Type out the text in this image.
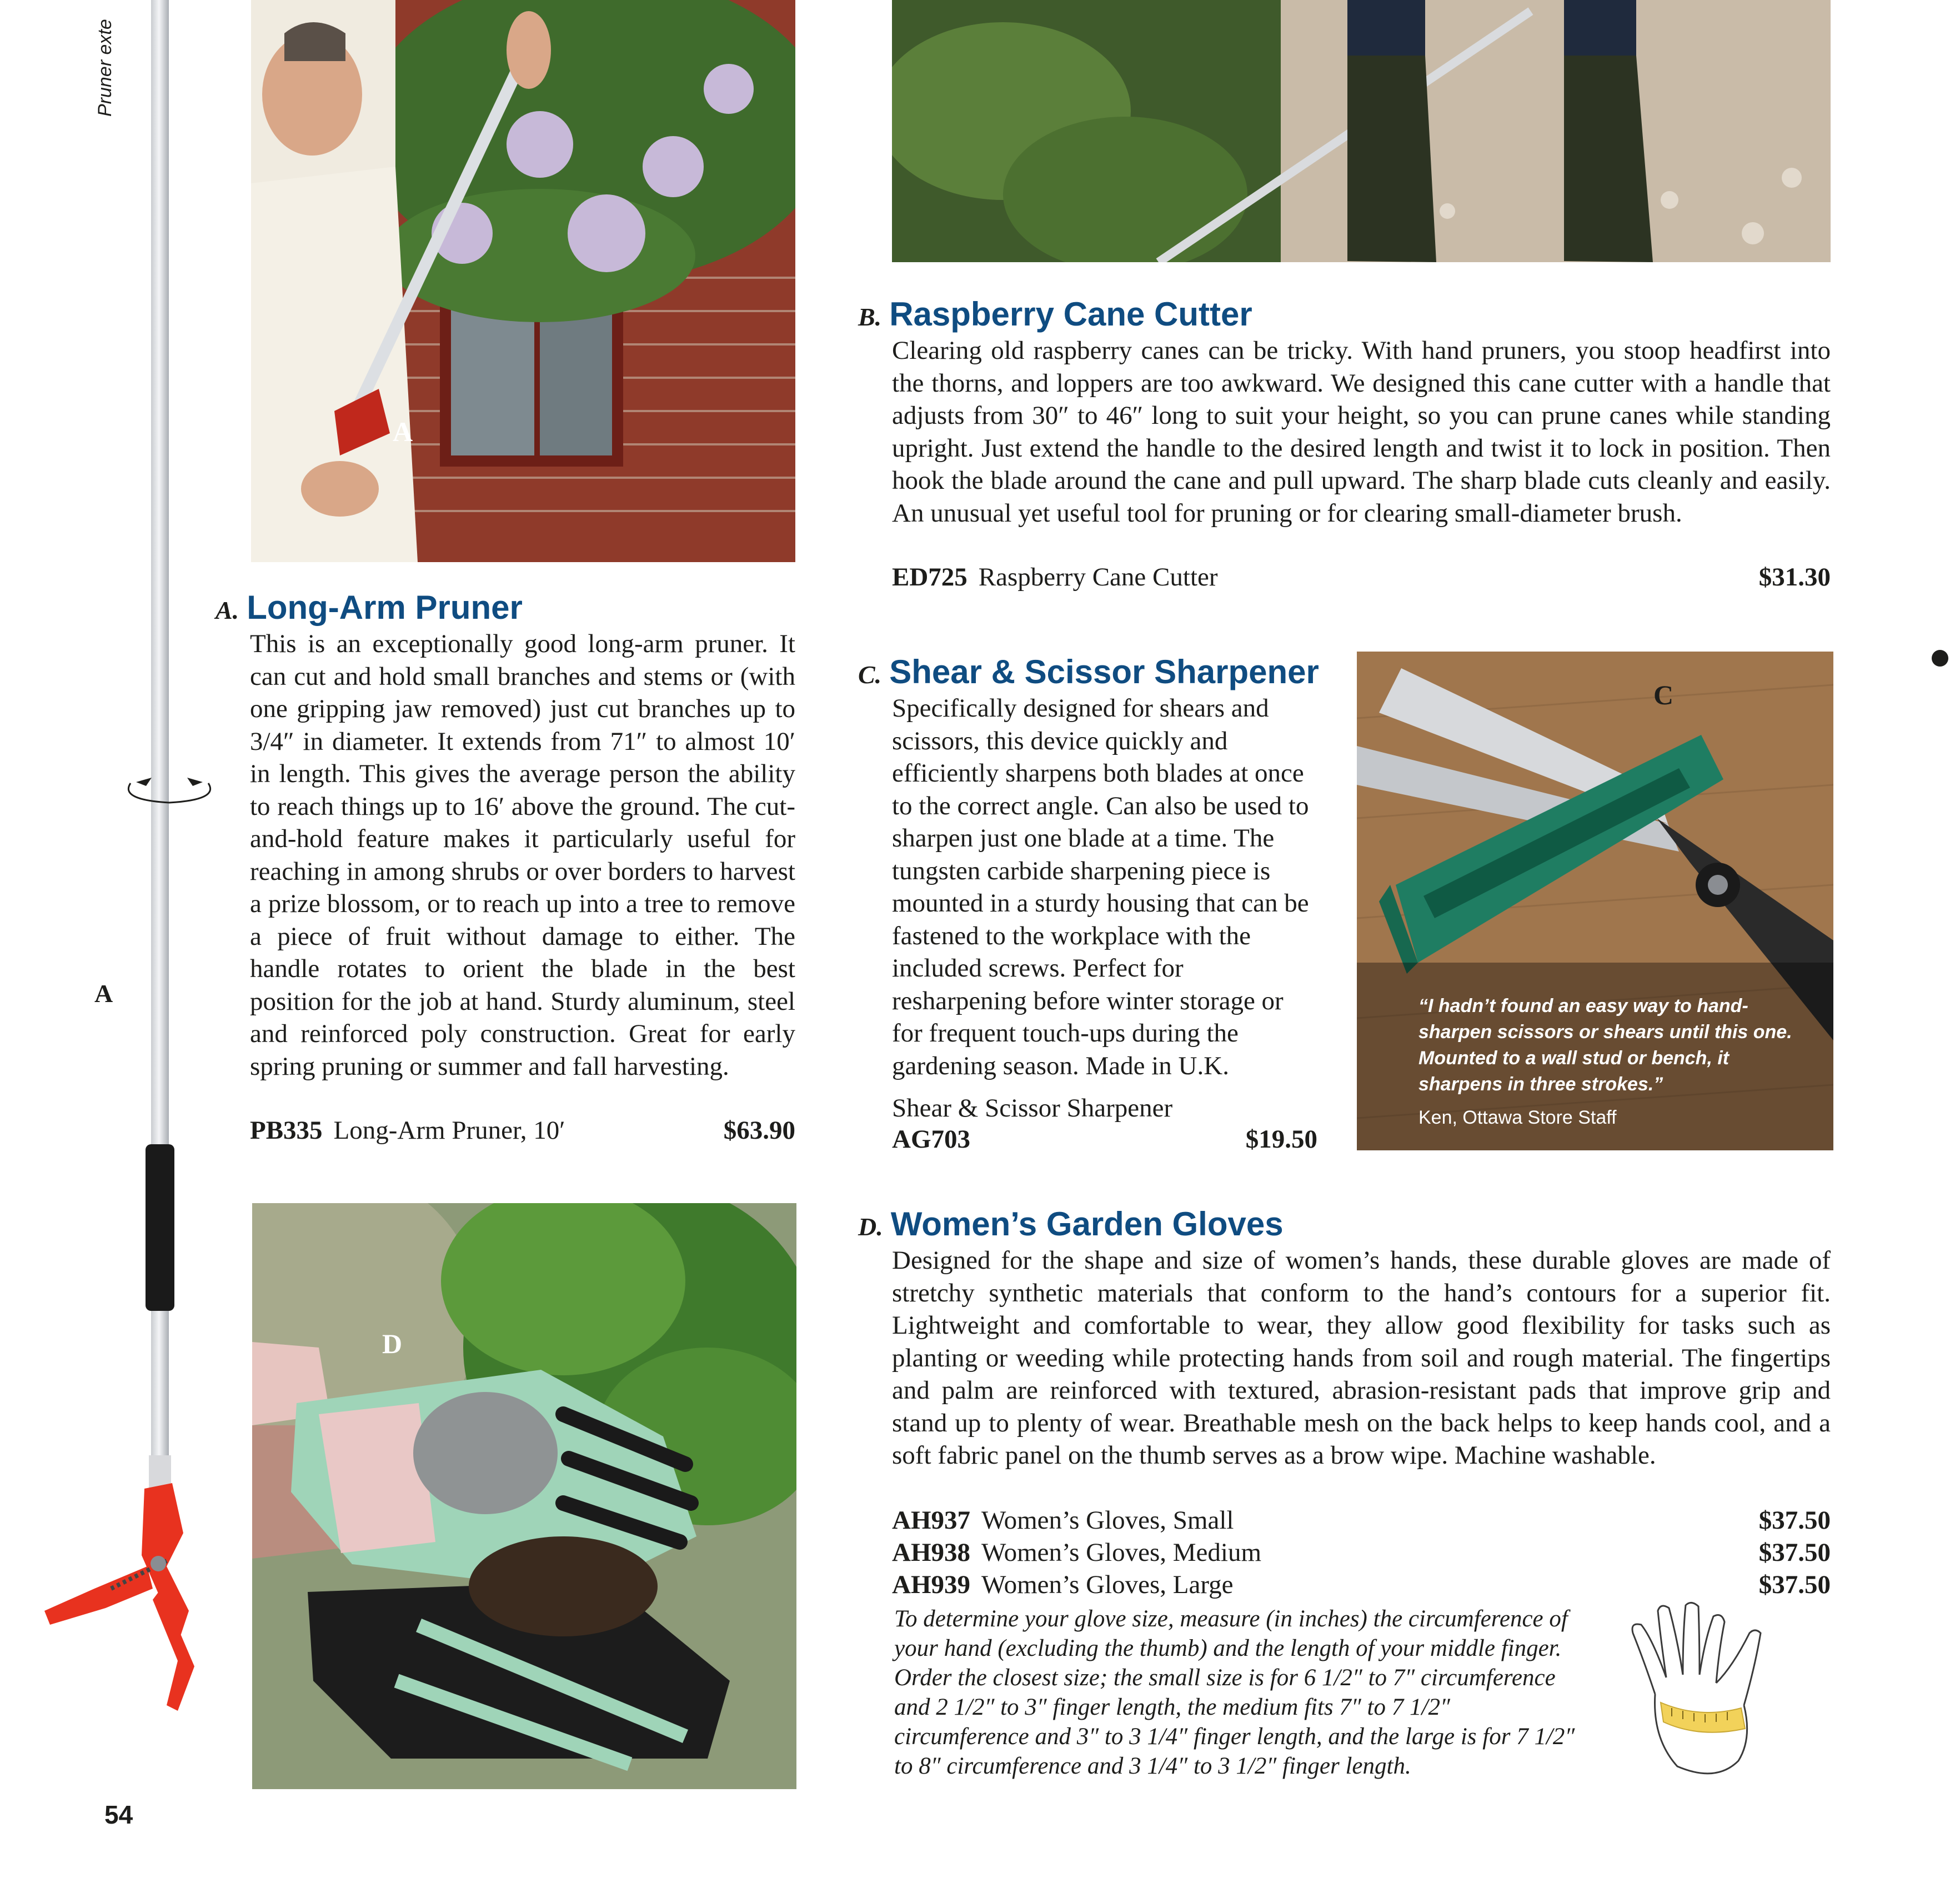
Pruner exte
A
A
A. Long-Arm Pruner

This is an exceptionally good long-arm pruner. It can cut and hold small branches and stems or (with one gripping jaw removed) just cut branches up to 3/4″ in diameter. It extends from 71″ to almost 10′ in length. This gives the average person the ability to reach things up to 16′ above the ground. The cut-and-hold feature makes it particularly useful for reaching in among shrubs or over borders to harvest a prize blossom, or to reach up into a tree to remove a piece of fruit without damage to either. The handle rotates to orient the blade in the best position for the job at hand. Sturdy aluminum, steel and reinforced poly construction. Great for early spring pruning or summer and fall harvesting.

PB335 Long-Arm Pruner, 10′	$63.90
B. Raspberry Cane Cutter

Clearing old raspberry canes can be tricky. With hand pruners, you stoop headfirst into the thorns, and loppers are too awkward. We designed this cane cutter with a handle that adjusts from 30″ to 46″ long to suit your height, so you can prune canes while standing upright. Just extend the handle to the desired length and twist it to lock in position. Then hook the blade around the cane and pull upward. The sharp blade cuts cleanly and easily. An unusual yet useful tool for pruning or for clearing small-diameter brush.

ED725 Raspberry Cane Cutter	$31.30
C. Shear & Scissor Sharpener

Specifically designed for shears and scissors, this device quickly and efficiently sharpens both blades at once to the correct angle. Can also be used to sharpen just one blade at a time. The tungsten carbide sharpening piece is mounted in a sturdy housing that can be fastened to the workplace with the included screws. Perfect for resharpening before winter storage or for frequent touch-ups during the gardening season. Made in U.K.

Shear & Scissor Sharpener
AG703	$19.50
C
“I hadn’t found an easy way to hand-sharpen scissors or shears until this one. Mounted to a wall stud or bench, it sharpens in three strokes.”
Ken, Ottawa Store Staff
D
D. Women’s Garden Gloves

Designed for the shape and size of women’s hands, these durable gloves are made of stretchy synthetic materials that conform to the hand’s contours for a superior fit. Lightweight and comfortable to wear, they allow good flexibility for tasks such as planting or weeding while protecting hands from soil and rough material. The fingertips and palm are reinforced with textured, abrasion-resistant pads that improve grip and stand up to plenty of wear. Breathable mesh on the back helps to keep hands cool, and a soft fabric panel on the thumb serves as a brow wipe. Machine washable.

AH937 Women’s Gloves, Small	$37.50
AH938 Women’s Gloves, Medium	$37.50
AH939 Women’s Gloves, Large	$37.50
To determine your glove size, measure (in inches) the circumference of your hand (excluding the thumb) and the length of your middle finger. Order the closest size; the small size is for 6 1/2″ to 7″ circumference and 2 1/2″ to 3″ finger length, the medium fits 7″ to 7 1/2″ circumference and 3″ to 3 1/4″ finger length, and the large is for 7 1/2″ to 8″ circumference and 3 1/4″ to 3 1/2″ finger length.
54
